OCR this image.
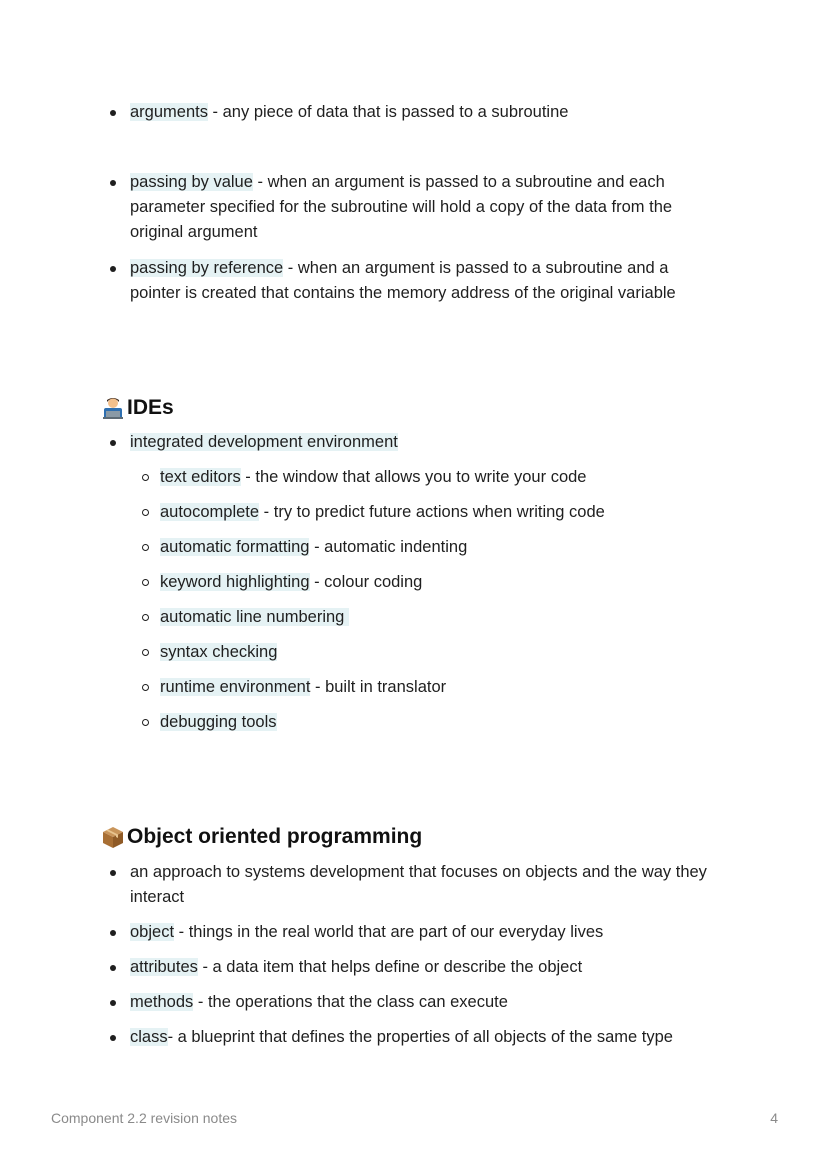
arguments - any piece of data that is passed to a subroutine
passing by value - when an argument is passed to a subroutine and each parameter specified for the subroutine will hold a copy of the data from the original argument
passing by reference - when an argument is passed to a subroutine and a pointer is created that contains the memory address of the original variable
IDEs
integrated development environment
text editors - the window that allows you to write your code
autocomplete - try to predict future actions when writing code
automatic formatting - automatic indenting
keyword highlighting - colour coding
automatic line numbering
syntax checking
runtime environment - built in translator
debugging tools
Object oriented programming
an approach to systems development that focuses on objects and the way they interact
object - things in the real world that are part of our everyday lives
attributes - a data item that helps define or describe the object
methods - the operations that the class can execute
class- a blueprint that defines the properties of all objects of the same type
Component 2.2 revision notes	4
